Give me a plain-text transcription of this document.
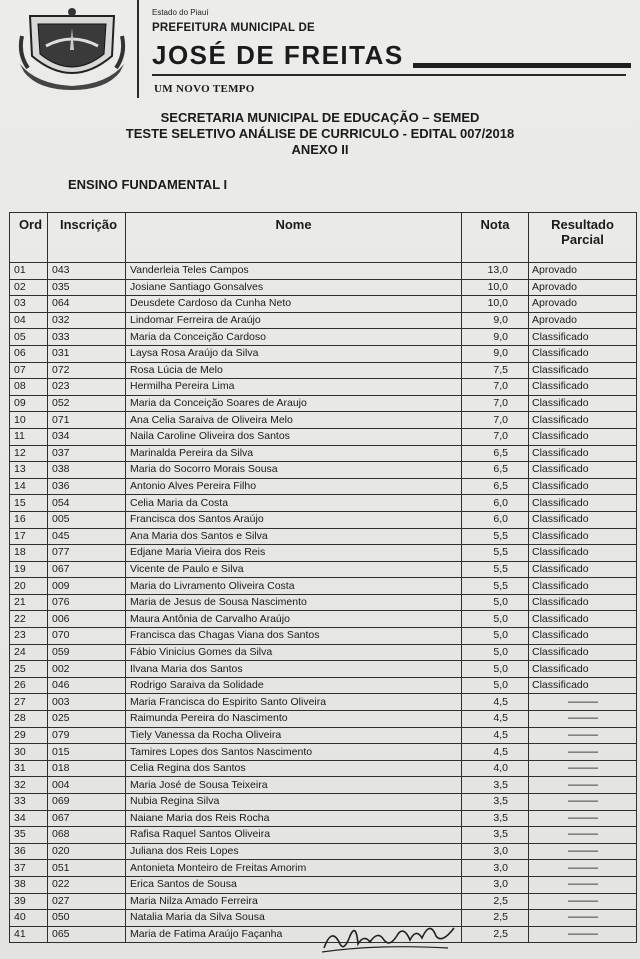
Estado do Piauí
PREFEITURA MUNICIPAL DE
JOSÉ DE FREITAS
UM NOVO TEMPO
SECRETARIA MUNICIPAL DE EDUCAÇÃO – SEMED
TESTE SELETIVO ANÁLISE DE CURRICULO - EDITAL 007/2018
ANEXO II
ENSINO FUNDAMENTAL I
Ord	Inscrição	Nome	Nota	Resultado
Parcial
01	043	Vanderleia Teles Campos	13,0	Aprovado
02	035	Josiane Santiago Gonsalves	10,0	Aprovado
03	064	Deusdete Cardoso da Cunha Neto	10,0	Aprovado
04	032	Lindomar Ferreira de Araújo	9,0	Aprovado
05	033	Maria da Conceição Cardoso	9,0	Classificado
06	031	Laysa Rosa Araújo da Silva	9,0	Classificado
07	072	Rosa Lúcia de Melo	7,5	Classificado
08	023	Hermilha Pereira Lima	7,0	Classificado
09	052	Maria da Conceição Soares de Araujo	7,0	Classificado
10	071	Ana Celia Saraiva de Oliveira Melo	7,0	Classificado
11	034	Naila Caroline Oliveira dos Santos	7,0	Classificado
12	037	Marinalda Pereira da Silva	6,5	Classificado
13	038	Maria do Socorro Morais Sousa	6,5	Classificado
14	036	Antonio Alves Pereira Filho	6,5	Classificado
15	054	Celia Maria da Costa	6,0	Classificado
16	005	Francisca dos Santos Araújo	6,0	Classificado
17	045	Ana Maria dos Santos e Silva	5,5	Classificado
18	077	Edjane Maria Vieira dos Reis	5,5	Classificado
19	067	Vicente de Paulo e Silva	5,5	Classificado
20	009	Maria do Livramento Oliveira Costa	5,5	Classificado
21	076	Maria de Jesus de Sousa Nascimento	5,0	Classificado
22	006	Maura Antônia de Carvalho Araújo	5,0	Classificado
23	070	Francisca das Chagas Viana dos Santos	5,0	Classificado
24	059	Fábio Vinicius Gomes da Silva	5,0	Classificado
25	002	Ilvana Maria dos Santos	5,0	Classificado
26	046	Rodrigo Saraiva da Solidade	5,0	Classificado
27	003	Maria Francisca do Espirito Santo Oliveira	4,5	------------
28	025	Raimunda Pereira do Nascimento	4,5	------------
29	079	Tiely Vanessa da Rocha Oliveira	4,5	------------
30	015	Tamires Lopes dos Santos Nascimento	4,5	------------
31	018	Celia Regina dos Santos	4,0	------------
32	004	Maria José de Sousa Teixeira	3,5	------------
33	069	Nubia Regina Silva	3,5	------------
34	067	Naiane Maria dos Reis Rocha	3,5	------------
35	068	Rafisa Raquel Santos Oliveira	3,5	------------
36	020	Juliana dos Reis Lopes	3,0	------------
37	051	Antonieta Monteiro de Freitas Amorim	3,0	------------
38	022	Erica Santos de Sousa	3,0	------------
39	027	Maria Nilza Amado Ferreira	2,5	------------
40	050	Natalia Maria da Silva Sousa	2,5	------------
41	065	Maria de Fatima Araújo Façanha	2,5	------------
